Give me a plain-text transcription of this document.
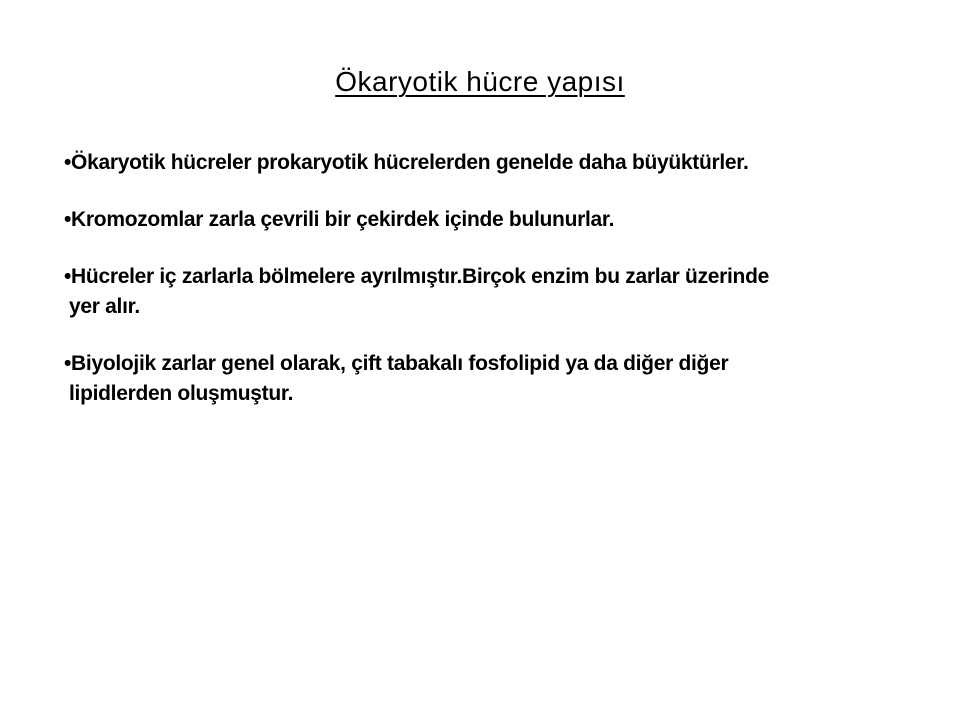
Ökaryotik hücre yapısı
•Ökaryotik hücreler prokaryotik hücrelerden genelde daha büyüktürler.
•Kromozomlar zarla çevrili bir çekirdek içinde bulunurlar.
•Hücreler iç zarlarla bölmelere ayrılmıştır.Birçok enzim bu zarlar üzerinde
yer alır.
•Biyolojik zarlar genel olarak, çift tabakalı fosfolipid ya da diğer diğer
lipidlerden oluşmuştur.
